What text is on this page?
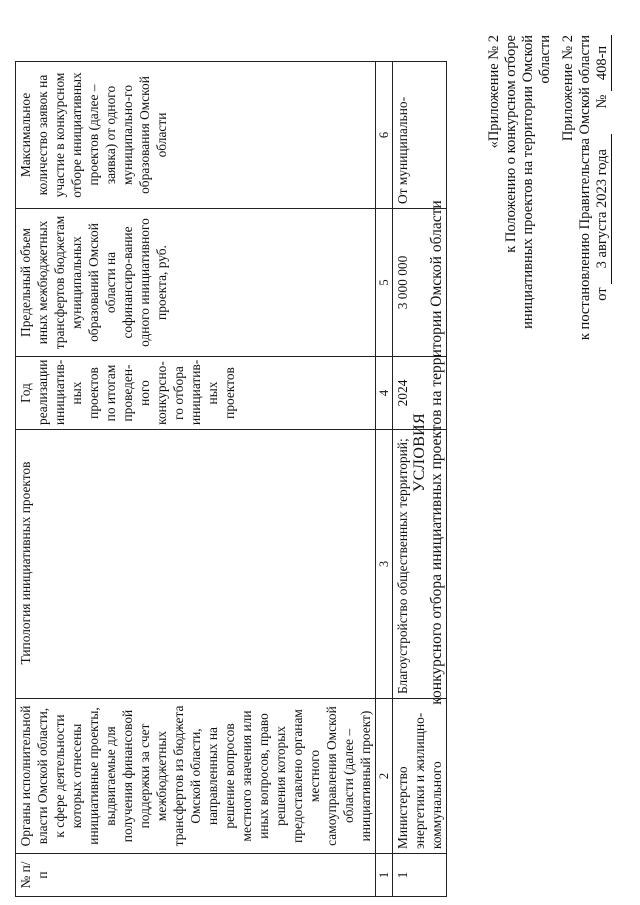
Приложение № 2 к постановлению Правительства Омской области от 3 августа 2023 года  № 408-п
«Приложение № 2 к Положению о конкурсном отборе инициативных проектов на территории Омской области
УСЛОВИЯ конкурсного отбора инициативных проектов на территории Омской области
№ п/п	Органы исполнительной власти Омской области, к сфере деятельности которых отнесены инициативные проекты, выдвигаемые для получения финансовой поддержки за счет межбюджетных трансфертов из бюджета Омской области, направленных на решение вопросов местного значения или иных вопросов, право решения которых предоставлено органам местного самоуправления Омской области (далее – инициативный проект)	Типология инициативных проектов	Год реализации инициатив-ных проектов по итогам проведен-ного конкурсно-го отбора инициатив-ных проектов	Предельный объем иных межбюджетных трансфертов бюджетам муниципальных образований Омской области на софинансиро-вание одного инициативного проекта, руб.	Максимальное количество заявок на участие в конкурсном отборе инициативных проектов (далее – заявка) от одного муниципально-го образования Омской области
1	2	3	4	5	6
1	Министерство энергетики и жилищно-коммунального	Благоустройство общественных территорий;	2024	3 000 000	От муниципально-
